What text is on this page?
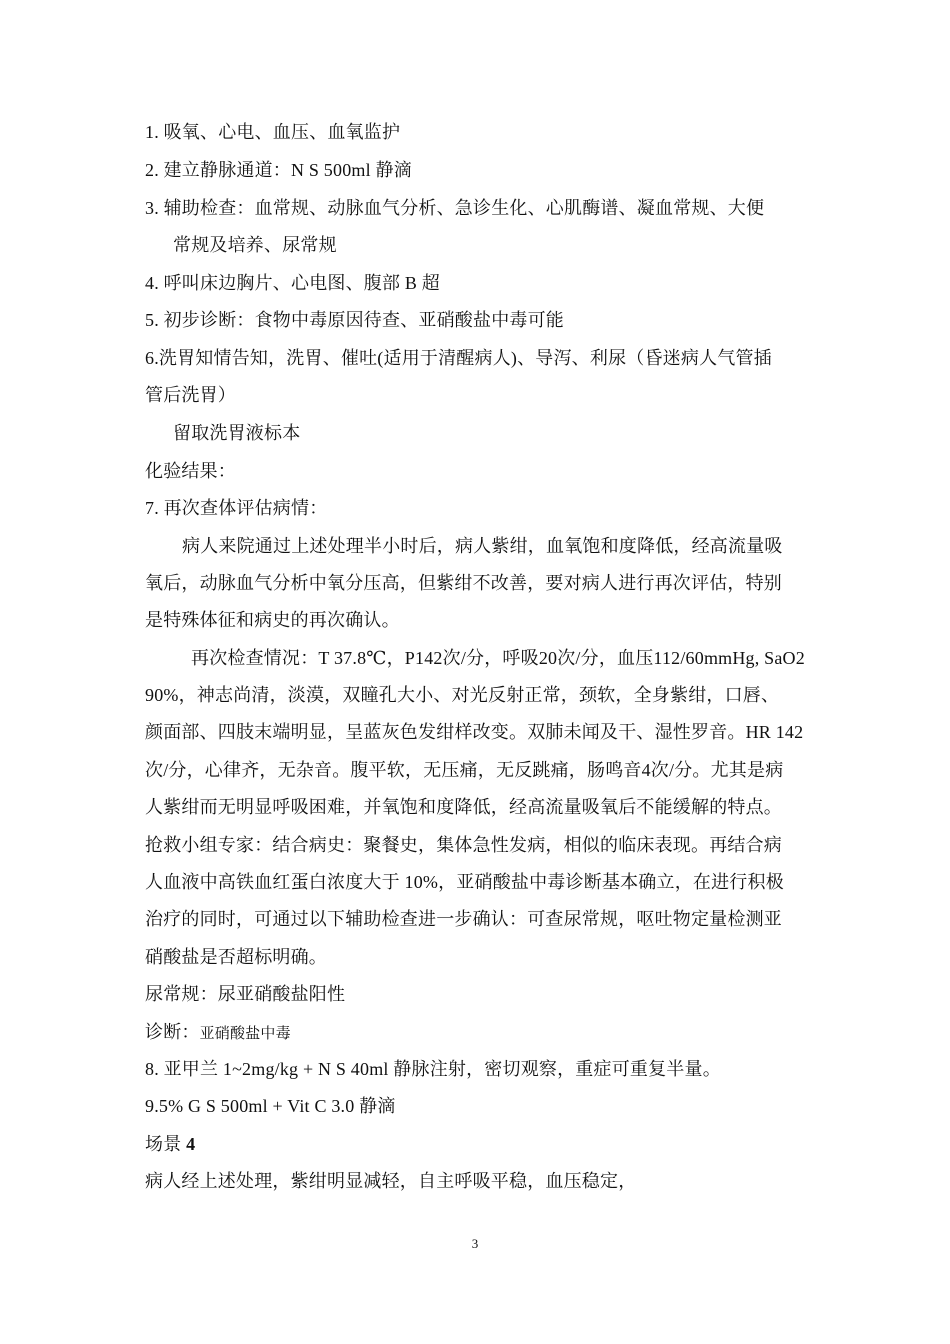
1. 吸氧、心电、血压、血氧监护
2. 建立静脉通道：N S 500ml 静滴
3. 辅助检查：血常规、动脉血气分析、急诊生化、心肌酶谱、凝血常规、大便
常规及培养、尿常规
4. 呼叫床边胸片、心电图、腹部 B 超
5. 初步诊断：食物中毒原因待查、亚硝酸盐中毒可能
6.洗胃知情告知，洗胃、催吐(适用于清醒病人)、导泻、利尿（昏迷病人气管插
管后洗胃）
留取洗胃液标本
化验结果：
7. 再次查体评估病情：
病人来院通过上述处理半小时后，病人紫绀，血氧饱和度降低，经高流量吸
氧后，动脉血气分析中氧分压高，但紫绀不改善，要对病人进行再次评估，特别
是特殊体征和病史的再次确认。
再次检查情况：T 37.8℃，P142次/分，呼吸20次/分，血压112/60mmHg, SaO2
90%，神志尚清，淡漠，双瞳孔大小、对光反射正常，颈软，全身紫绀，口唇、
颜面部、四肢末端明显，呈蓝灰色发绀样改变。双肺未闻及干、湿性罗音。HR 142
次/分，心律齐，无杂音。腹平软，无压痛，无反跳痛，肠鸣音4次/分。尤其是病
人紫绀而无明显呼吸困难，并氧饱和度降低，经高流量吸氧后不能缓解的特点。
抢救小组专家：结合病史：聚餐史，集体急性发病，相似的临床表现。再结合病
人血液中高铁血红蛋白浓度大于 10%，亚硝酸盐中毒诊断基本确立，在进行积极
治疗的同时，可通过以下辅助检查进一步确认：可查尿常规，呕吐物定量检测亚
硝酸盐是否超标明确。
尿常规：尿亚硝酸盐阳性
诊断：亚硝酸盐中毒
8. 亚甲兰 1~2mg/kg + N S 40ml 静脉注射，密切观察，重症可重复半量。
9.5% G S 500ml + Vit C 3.0 静滴
场景 4
病人经上述处理，紫绀明显减轻，自主呼吸平稳，血压稳定，
3
